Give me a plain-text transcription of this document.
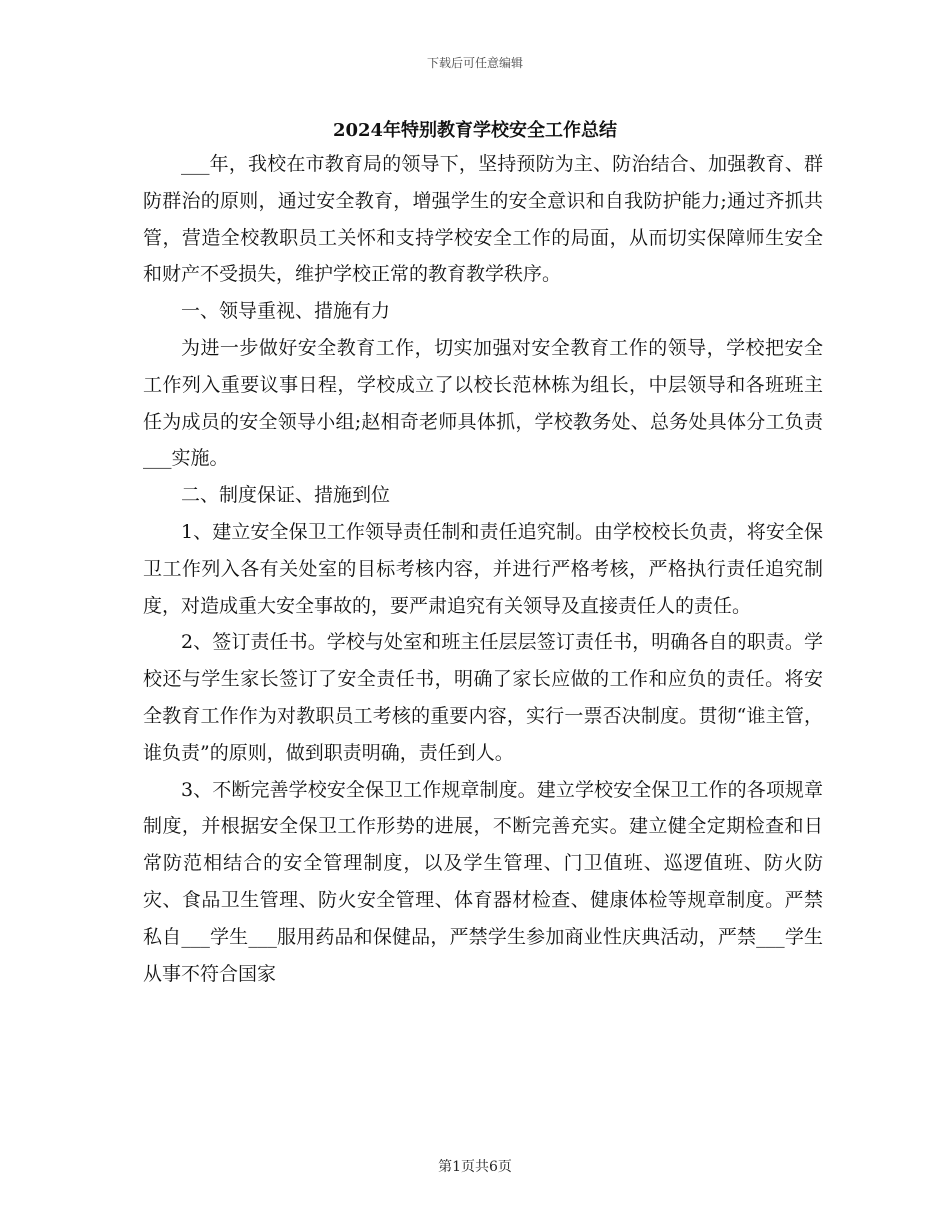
下载后可任意编辑
2024年特别教育学校安全工作总结

___年，我校在市教育局的领导下，坚持预防为主、防治结合、加强教育、群防群治的原则，通过安全教育，增强学生的安全意识和自我防护能力;通过齐抓共管，营造全校教职员工关怀和支持学校安全工作的局面，从而切实保障师生安全和财产不受损失，维护学校正常的教育教学秩序。

一、领导重视、措施有力

为进一步做好安全教育工作，切实加强对安全教育工作的领导，学校把安全工作列入重要议事日程，学校成立了以校长范林栋为组长，中层领导和各班班主任为成员的安全领导小组;赵相奇老师具体抓，学校教务处、总务处具体分工负责___实施。

二、制度保证、措施到位

1、建立安全保卫工作领导责任制和责任追究制。由学校校长负责，将安全保卫工作列入各有关处室的目标考核内容，并进行严格考核，严格执行责任追究制度，对造成重大安全事故的，要严肃追究有关领导及直接责任人的责任。

2、签订责任书。学校与处室和班主任层层签订责任书，明确各自的职责。学校还与学生家长签订了安全责任书，明确了家长应做的工作和应负的责任。将安全教育工作作为对教职员工考核的重要内容，实行一票否决制度。贯彻“谁主管，谁负责”的原则，做到职责明确，责任到人。

3、不断完善学校安全保卫工作规章制度。建立学校安全保卫工作的各项规章制度，并根据安全保卫工作形势的进展，不断完善充实。建立健全定期检查和日常防范相结合的安全管理制度，以及学生管理、门卫值班、巡逻值班、防火防灾、食品卫生管理、防火安全管理、体育器材检查、健康体检等规章制度。严禁私自___学生___服用药品和保健品，严禁学生参加商业性庆典活动，严禁___学生从事不符合国家

第1页共6页
